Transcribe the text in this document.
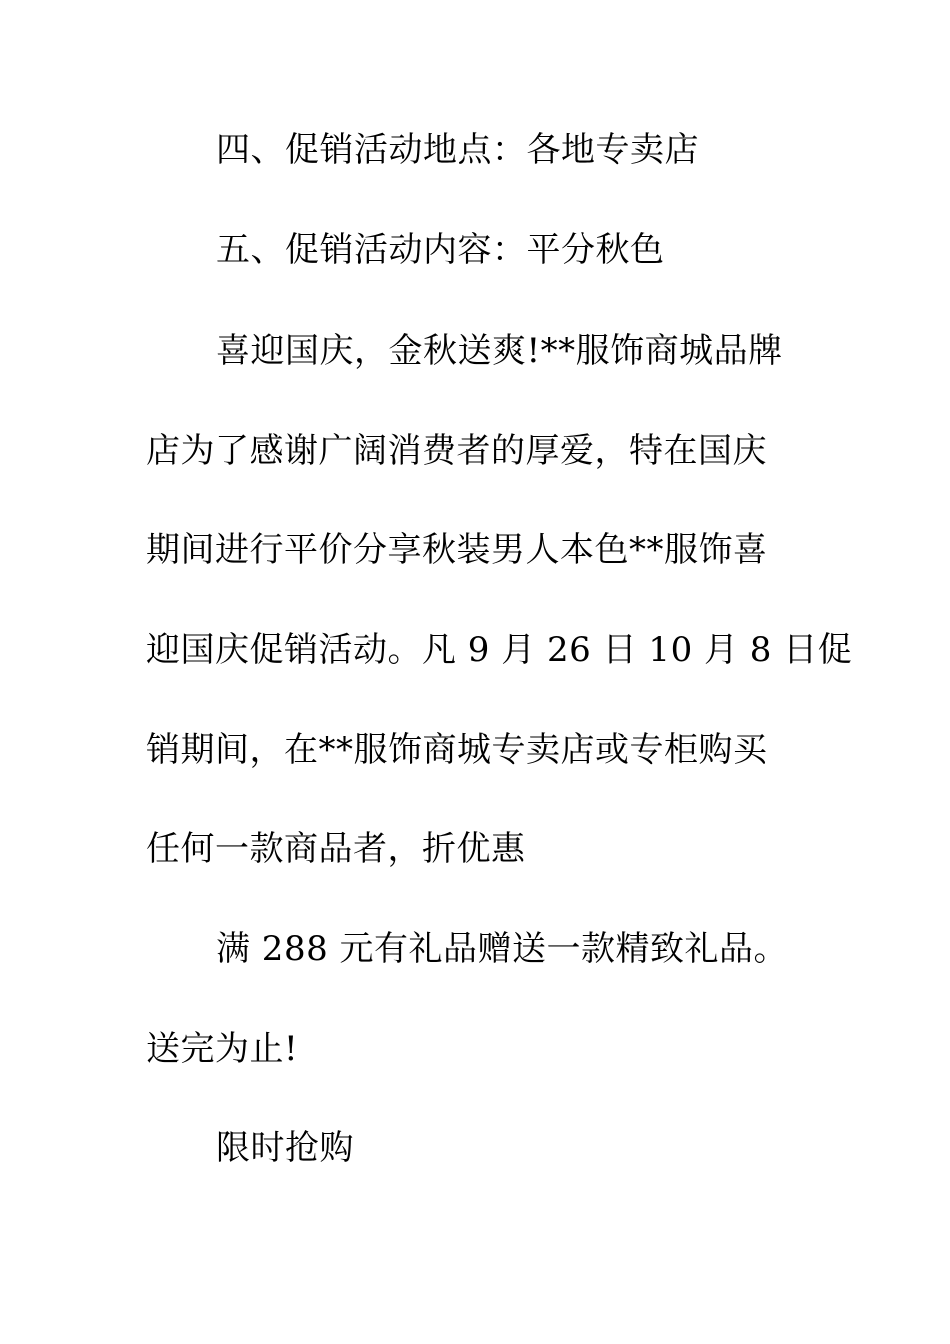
四、促销活动地点：各地专卖店
五、促销活动内容：平分秋色
喜迎国庆，金秋送爽!**服饰商城品牌
店为了感谢广阔消费者的厚爱，特在国庆
期间进行平价分享秋装男人本色**服饰喜
迎国庆促销活动。凡 9 月 26 日 10 月 8 日促
销期间，在**服饰商城专卖店或专柜购买
任何一款商品者，折优惠
满 288 元有礼品赠送一款精致礼品。
送完为止!
限时抢购
